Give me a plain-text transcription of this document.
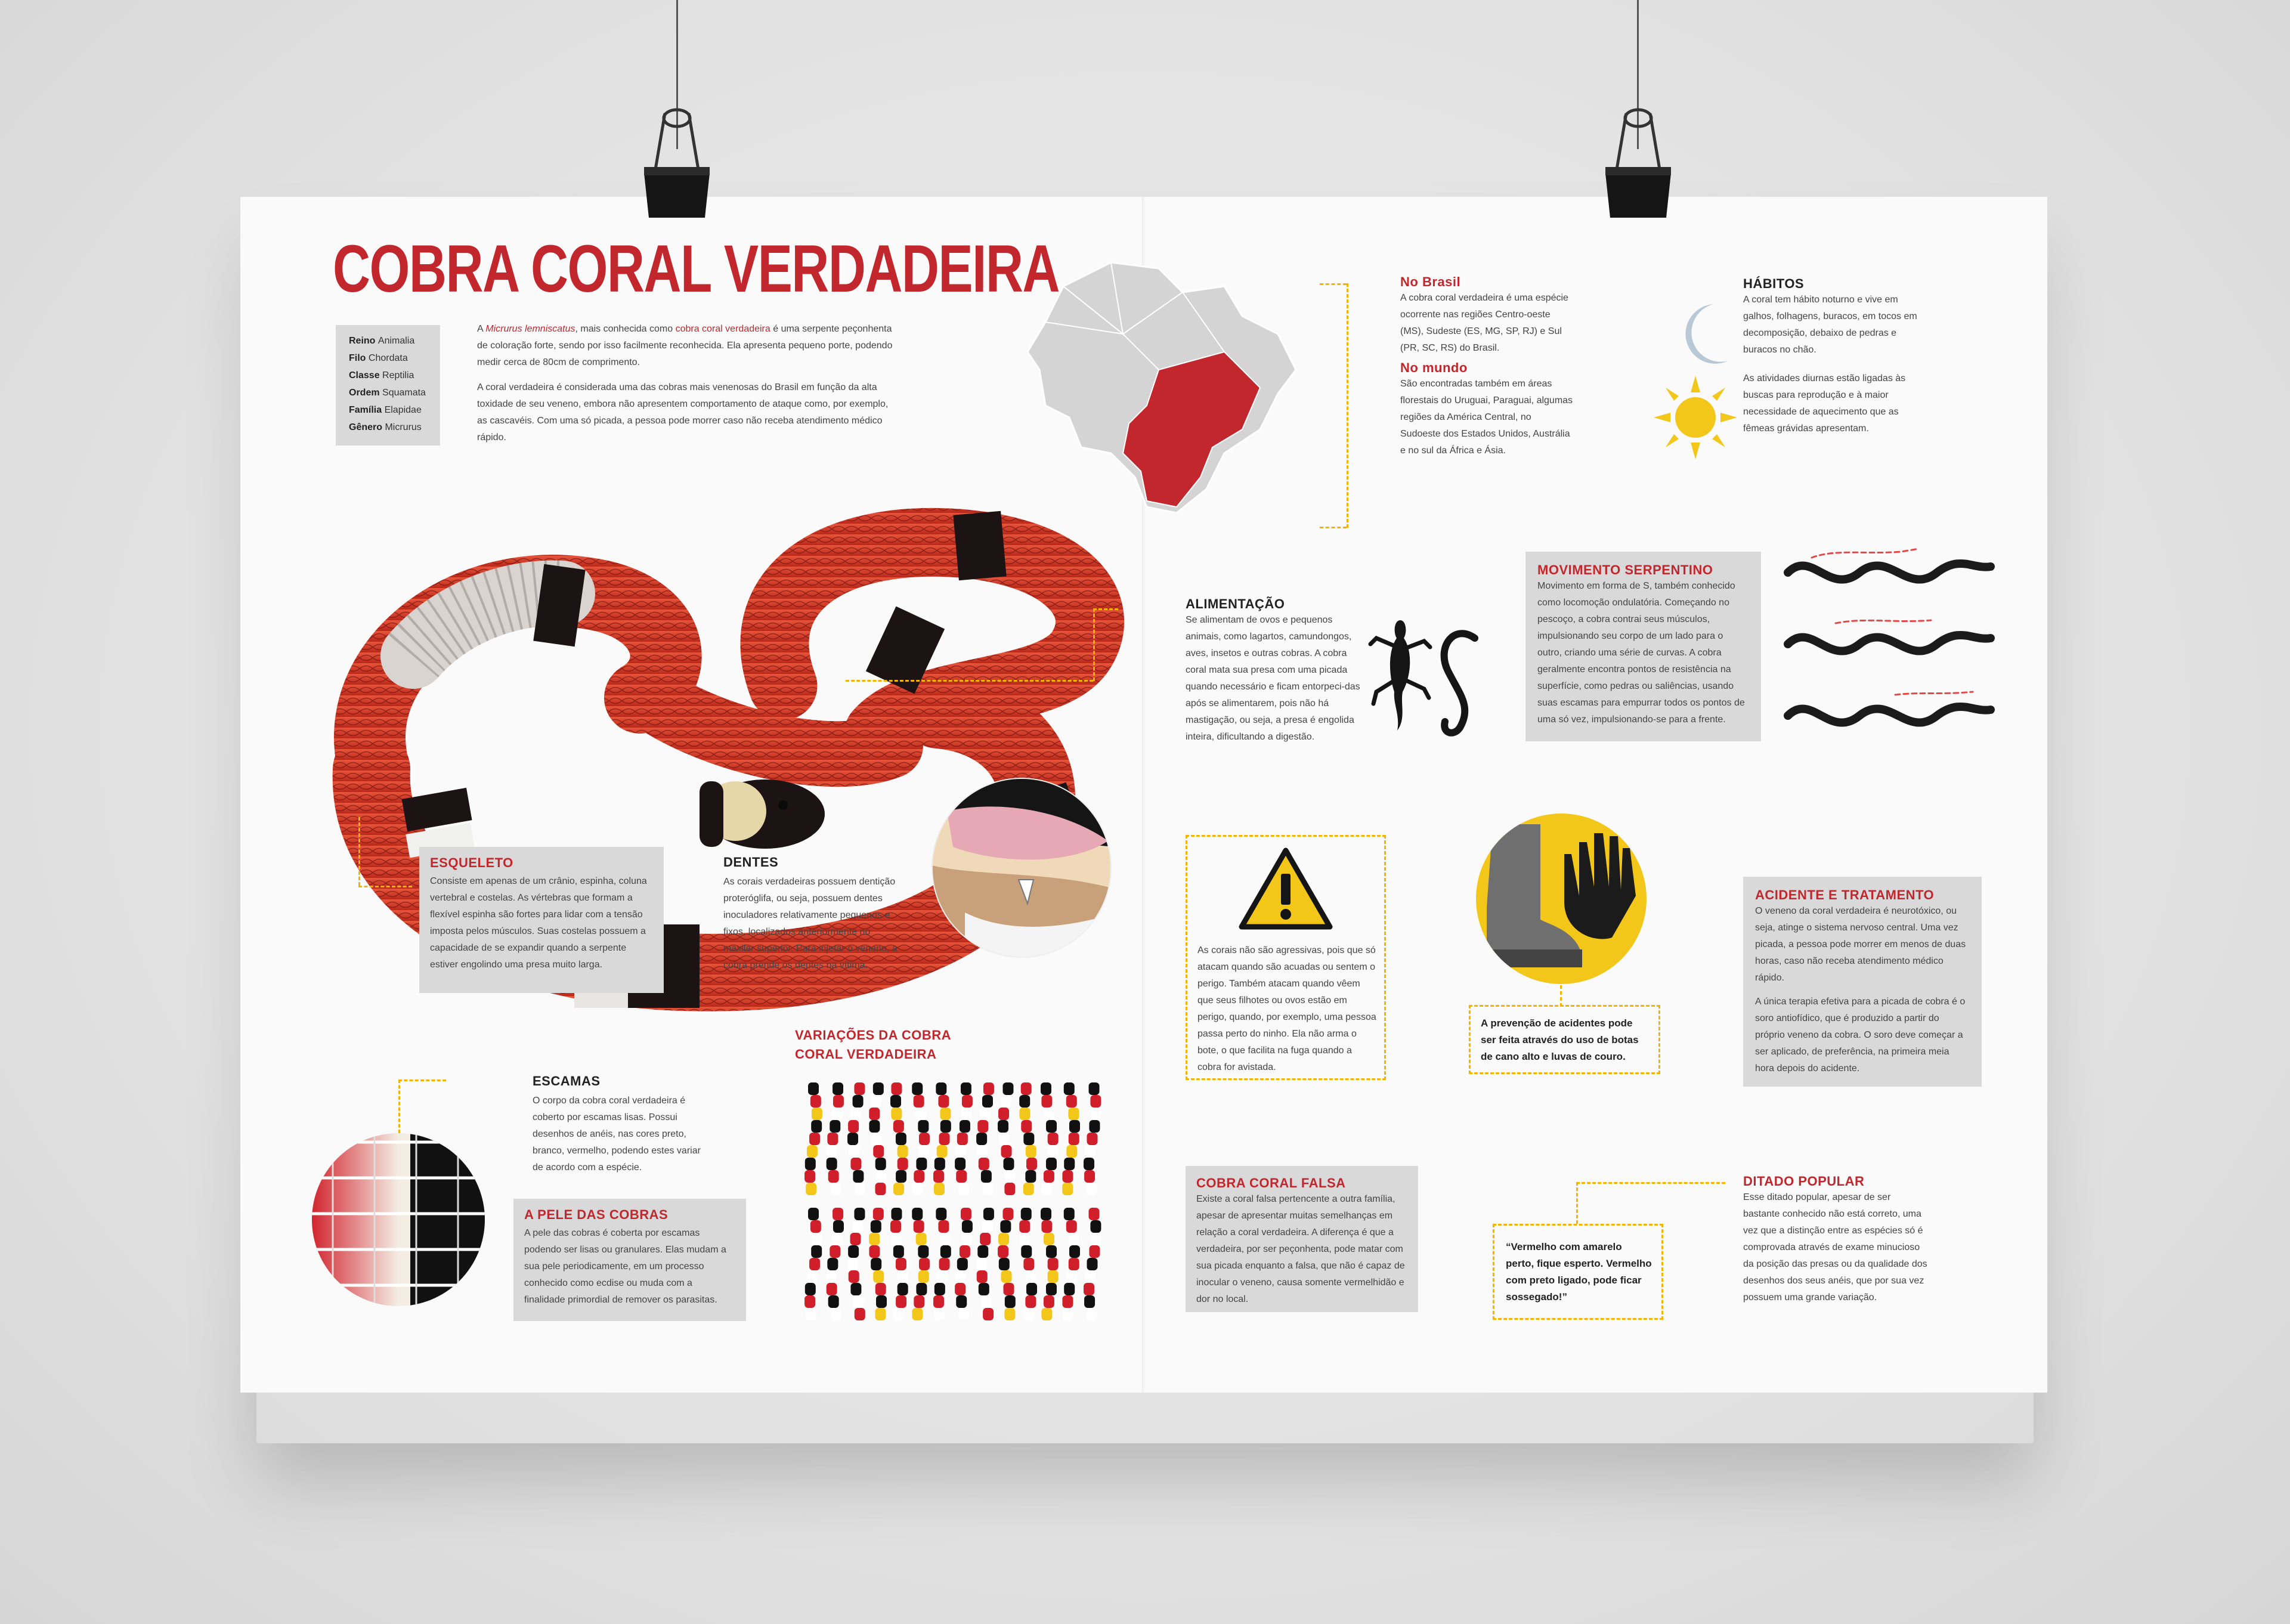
COBRA CORAL VERDADEIRA
Reino Animalia
Filo Chordata
Classe Reptilia
Ordem Squamata
Família Elapidae
Gênero Micrurus
A Micrurus lemniscatus, mais conhecida como cobra coral verdadeira é uma serpente peçonhenta de coloração forte, sendo por isso facilmente reconhecida. Ela apresenta pequeno porte, podendo medir cerca de 80cm de comprimento.
A coral verdadeira é considerada uma das cobras mais venenosas do Brasil em função da alta toxidade de seu veneno, embora não apresentem comportamento de ataque como, por exemplo, as cascavéis. Com uma só picada, a pessoa pode morrer caso não receba atendimento médico rápido.
ESQUELETO
Consiste em apenas de um crânio, espinha, coluna vertebral e costelas. As vértebras que formam a flexível espinha são fortes para lidar com a tensão imposta pelos músculos. Suas costelas possuem a capacidade de se expandir quando a serpente estiver engolindo uma presa muito larga.
DENTES
As corais verdadeiras possuem dentição proteróglifa, ou seja, possuem dentes inoculadores relativamente pequenos e fixos, localizados anteriormente no maxilar superior. Para injetar o veneno, a cobra prende os dentes na vítima.
ESCAMAS
O corpo da cobra coral verdadeira é coberto por escamas lisas. Possui desenhos de anéis, nas cores preto, branco, vermelho, podendo estes variar de acordo com a espécie.
A PELE DAS COBRAS
A pele das cobras é coberta por escamas podendo ser lisas ou granulares. Elas mudam a sua pele periodicamente, em um processo conhecido como ecdise ou muda com a finalidade primordial de remover os parasitas.
VARIAÇÕES DA COBRA
CORAL VERDADEIRA
No Brasil
A cobra coral verdadeira é uma espécie ocorrente nas regiões Centro-oeste (MS), Sudeste (ES, MG, SP, RJ) e Sul (PR, SC, RS) do Brasil.
No mundo
São encontradas também em áreas florestais do Uruguai, Paraguai, algumas regiões da América Central, no Sudoeste dos Estados Unidos, Austrália e no sul da África e Ásia.
HÁBITOS
A coral tem hábito noturno e vive em galhos, folhagens, buracos, em tocos em decomposição, debaixo de pedras e buracos no chão.
As atividades diurnas estão ligadas às buscas para reprodução e à maior necessidade de aquecimento que as fêmeas grávidas apresentam.
ALIMENTAÇÃO
Se alimentam de ovos e pequenos animais, como lagartos, camundongos, aves, insetos e outras cobras. A cobra coral mata sua presa com uma picada quando necessário e ficam entorpeci-das após se alimentarem, pois não há mastigação, ou seja, a presa é engolida inteira, dificultando a digestão.
MOVIMENTO SERPENTINO
Movimento em forma de S, também conhecido como locomoção ondulatória. Começando no pescoço, a cobra contrai seus músculos, impulsionando seu corpo de um lado para o outro, criando uma série de curvas. A cobra geralmente encontra pontos de resistência na superfície, como pedras ou saliências, usando suas escamas para empurrar todos os pontos de uma só vez, impulsionando-se para a frente.
As corais não são agressivas, pois que só atacam quando são acuadas ou sentem o perigo. Também atacam quando vêem que seus filhotes ou ovos estão em perigo, quando, por exemplo, uma pessoa passa perto do ninho. Ela não arma o bote, o que facilita na fuga quando a cobra for avistada.
A prevenção de acidentes pode ser feita através do uso de botas de cano alto e luvas de couro.
ACIDENTE E TRATAMENTO
O veneno da coral verdadeira é neurotóxico, ou seja, atinge o sistema nervoso central. Uma vez picada, a pessoa pode morrer em menos de duas horas, caso não receba atendimento médico rápido.
A única terapia efetiva para a picada de cobra é o soro antiofídico, que é produzido a partir do próprio veneno da cobra. O soro deve começar a ser aplicado, de preferência, na primeira meia hora depois do acidente.
COBRA CORAL FALSA
Existe a coral falsa pertencente a outra família, apesar de apresentar muitas semelhanças em relação a coral verdadeira. A diferença é que a verdadeira, por ser peçonhenta, pode matar com sua picada enquanto a falsa, que não é capaz de inocular o veneno, causa somente vermelhidão e dor no local.
“Vermelho com amarelo perto, fique esperto. Vermelho com preto ligado, pode ficar sossegado!”
DITADO POPULAR
Esse ditado popular, apesar de ser bastante conhecido não está correto, uma vez que a distinção entre as espécies só é comprovada através de exame minucioso da posição das presas ou da qualidade dos desenhos dos seus anéis, que por sua vez possuem uma grande variação.
